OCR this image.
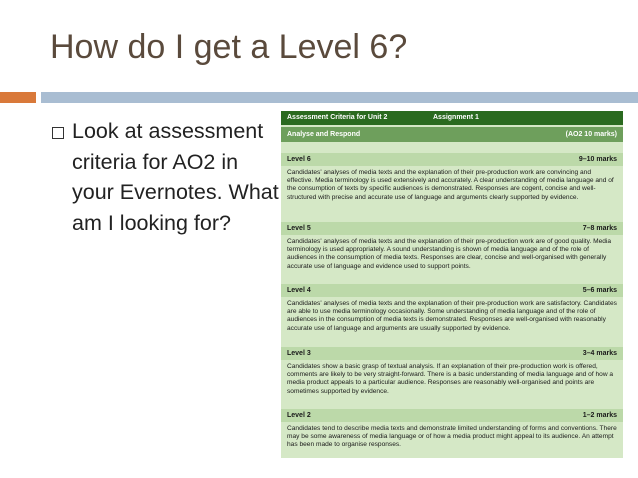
How do I get a Level 6?
Look at assessment criteria for AO2 in your Evernotes. What am I looking for?
Assessment Criteria for Unit 2	Assignment 1
Analyse and Respond	(AO2 10 marks)
Level 6	9–10 marks
Candidates' analyses of media texts and the explanation of their pre-production work are convincing and effective. Media terminology is used extensively and accurately. A clear understanding of media language and of the consumption of texts by specific audiences is demonstrated. Responses are cogent, concise and well-structured with precise and accurate use of language and arguments clearly supported by evidence.
Level 5	7–8 marks
Candidates' analyses of media texts and the explanation of their pre-production work are of good quality. Media terminology is used appropriately. A sound understanding is shown of media language and of the role of audiences in the consumption of media texts. Responses are clear, concise and well-organised with generally accurate use of language and evidence used to support points.
Level 4	5–6 marks
Candidates' analyses of media texts and the explanation of their pre-production work are satisfactory. Candidates are able to use media terminology occasionally. Some understanding of media language and of the role of audiences in the consumption of media texts is demonstrated. Responses are well-organised with reasonably accurate use of language and arguments are usually supported by evidence.
Level 3	3–4 marks
Candidates show a basic grasp of textual analysis. If an explanation of their pre-production work is offered, comments are likely to be very straight-forward. There is a basic understanding of media language and of how a media product appeals to a particular audience. Responses are reasonably well-organised and points are sometimes supported by evidence.
Level 2	1–2 marks
Candidates tend to describe media texts and demonstrate limited understanding of forms and conventions. There may be some awareness of media language or of how a media product might appeal to its audience. An attempt has been made to organise responses.
